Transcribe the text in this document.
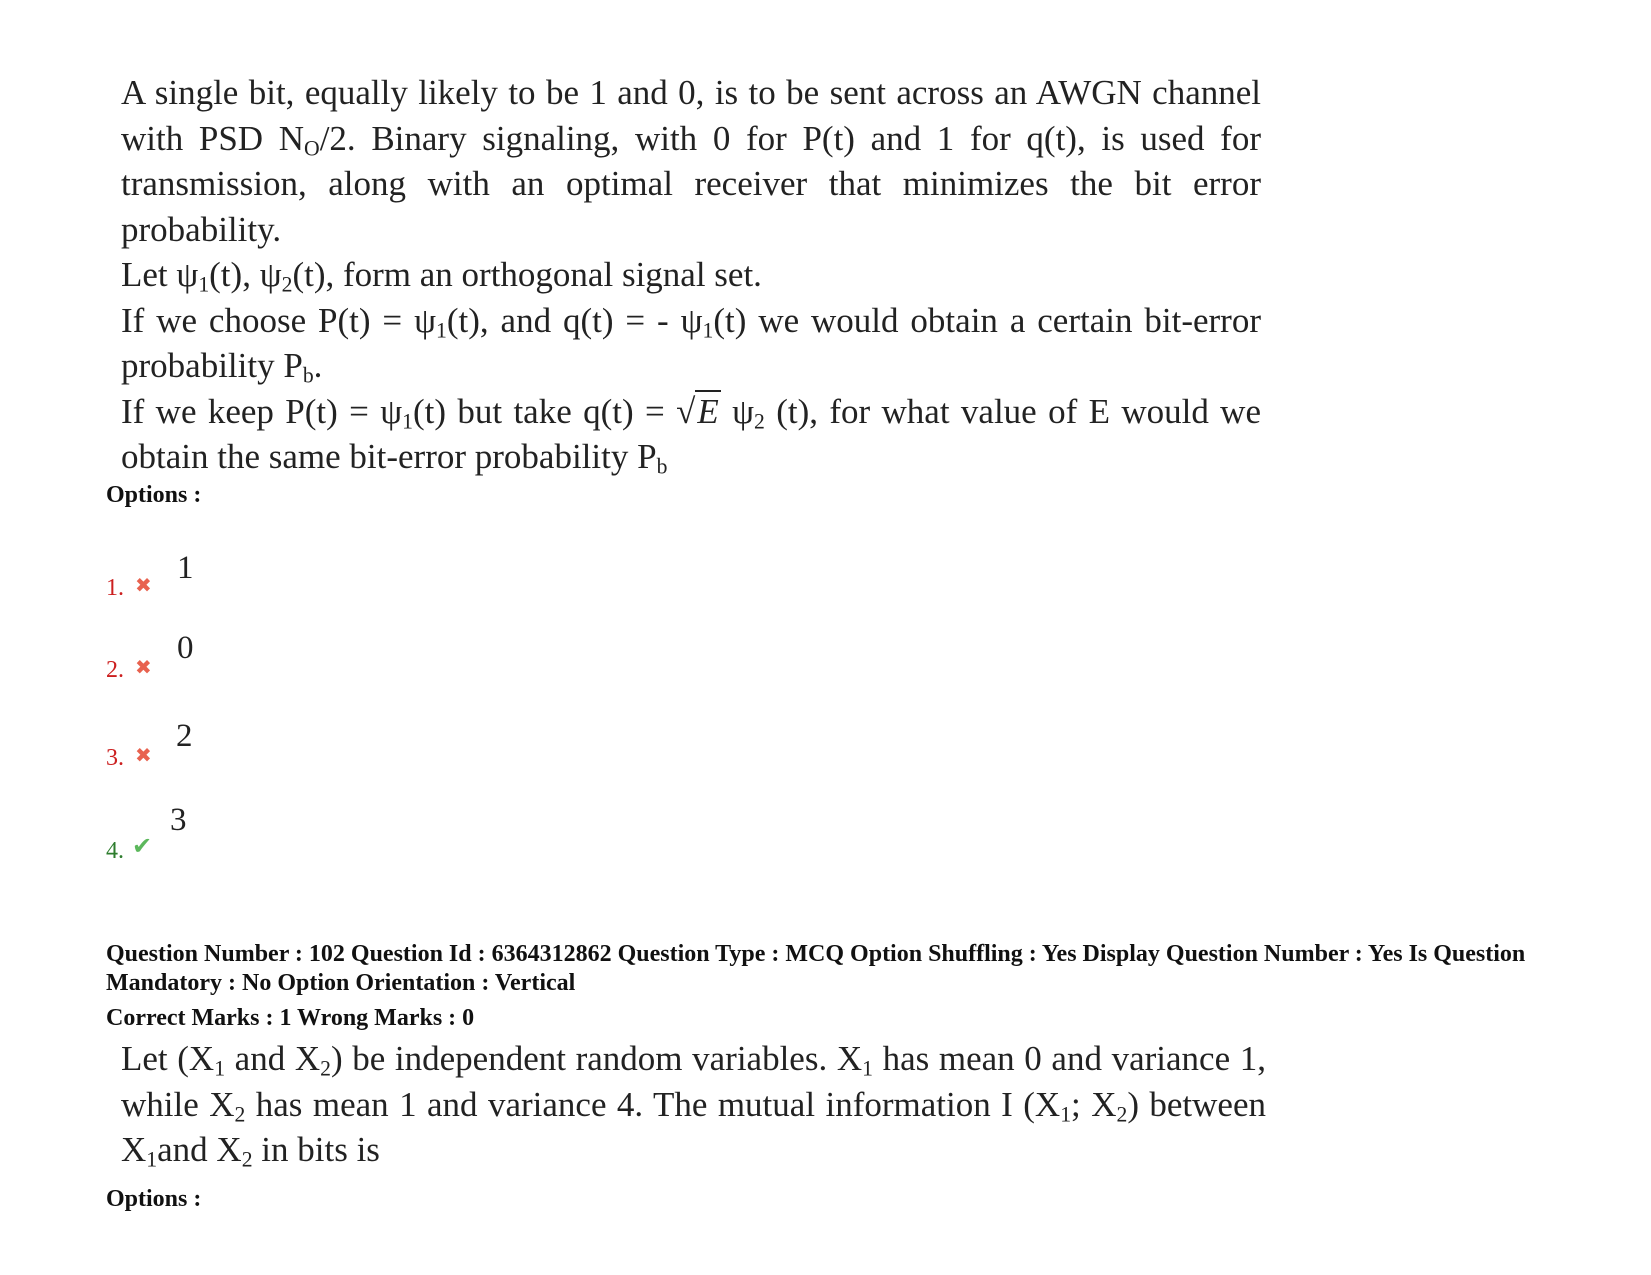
A single bit, equally likely to be 1 and 0, is to be sent across an AWGN channel with PSD $N_O/2$. Binary signaling, with 0 for P(t) and 1 for q(t), is used for transmission, along with an optimal receiver that minimizes the bit error probability.

Let $\psi_1(t)$, $\psi_2(t)$, form an orthogonal signal set.

If we choose $P(t) = \psi_1(t)$, and q(t) = - $\psi_1(t)$ we would obtain a certain bit-error probability $P_b$.

If we keep $P(t) = \psi_1(t)$ but take q(t) = √E $\psi_2$ (t), for what value of E would we obtain the same bit-error probability $P_b$

Options :
1. ✖ 1
2. ✖
0
3. ✖
2
4. ✔
3
Question Number : 102 Question Id : 6364312862 Question Type : MCQ Option Shuffling : Yes Display Question Number : Yes Is Question Mandatory : No Option Orientation : Vertical
Correct Marks : 1 Wrong Marks : 0

Let ($X_1$ and $X_2$) be independent random variables. $X_1$ has mean 0 and variance 1, while $X_2$ has mean 1 and variance 4. The mutual information I ($X_1$; $X_2$) between $X_1and$ $X_2$ in bits is

Options :
